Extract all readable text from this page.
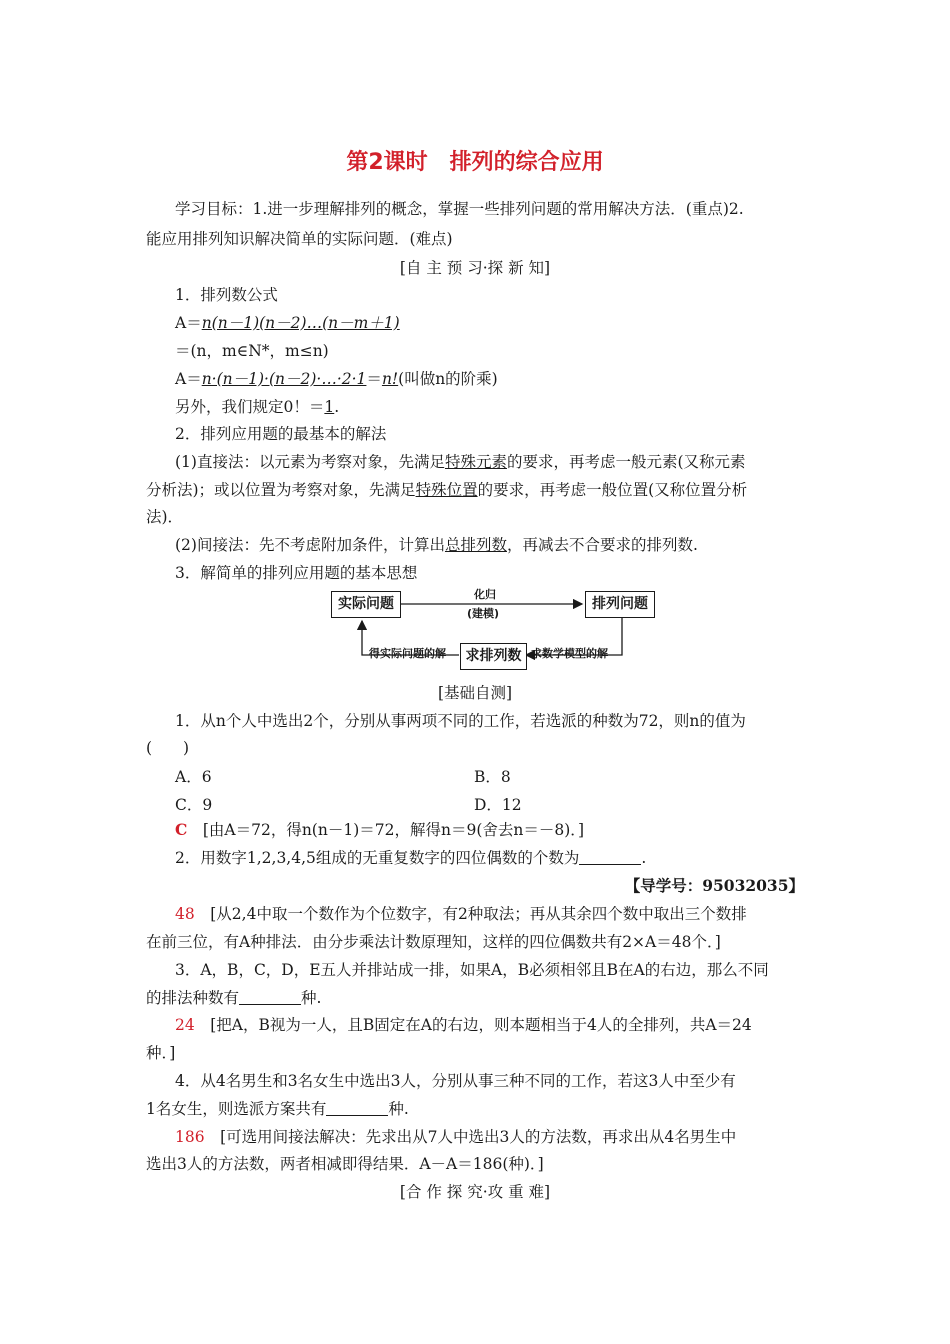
第2课时 排列的综合应用
学习目标：1.进一步理解排列的概念，掌握一些排列问题的常用解决方法．(重点)2.
能应用排列知识解决简单的实际问题．(难点)
[自 主 预 习·探 新 知]
1．排列数公式
A＝n(n－1)(n－2)…(n－m＋1)
＝(n，m∈N*，m≤n)
A＝n·(n－1)·(n－2)·…·2·1＝n!(叫做n的阶乘)
另外，我们规定0！＝1.
2．排列应用题的最基本的解法
(1)直接法：以元素为考察对象，先满足特殊元素的要求，再考虑一般元素(又称元素
分析法)；或以位置为考察对象，先满足特殊位置的要求，再考虑一般位置(又称位置分析
法)．
(2)间接法：先不考虑附加条件，计算出总排列数，再减去不合要求的排列数.
3．解简单的排列应用题的基本思想
实际问题	排列问题
求排列数
化归
(建模)
求数学模型的解
得实际问题的解
[基础自测]
1．从n个人中选出2个，分别从事两项不同的工作，若选派的种数为72，则n的值为
(　　)
A．6	B．8
C．9	D．12
C　 [由A＝72，得n(n－1)＝72，解得n＝9(舍去n＝－8)．]
2．用数字1,2,3,4,5组成的无重复数字的四位偶数的个数为	.
【导学号：95032035】
48　 [从2,4中取一个数作为个位数字，有2种取法；再从其余四个数中取出三个数排
在前三位，有A种排法．由分步乘法计数原理知，这样的四位偶数共有2×A＝48个．]
3．A，B，C，D，E五人并排站成一排，如果A，B必须相邻且B在A的右边，那么不同
的排法种数有	种.
24　 [把A，B视为一人，且B固定在A的右边，则本题相当于4人的全排列，共A＝24
种．]
4．从4名男生和3名女生中选出3人，分别从事三种不同的工作，若这3人中至少有
1名女生，则选派方案共有	种.
186　 [可选用间接法解决：先求出从7人中选出3人的方法数，再求出从4名男生中
选出3人的方法数，两者相减即得结果．A－A＝186(种)．]
[合 作 探 究·攻 重 难]
